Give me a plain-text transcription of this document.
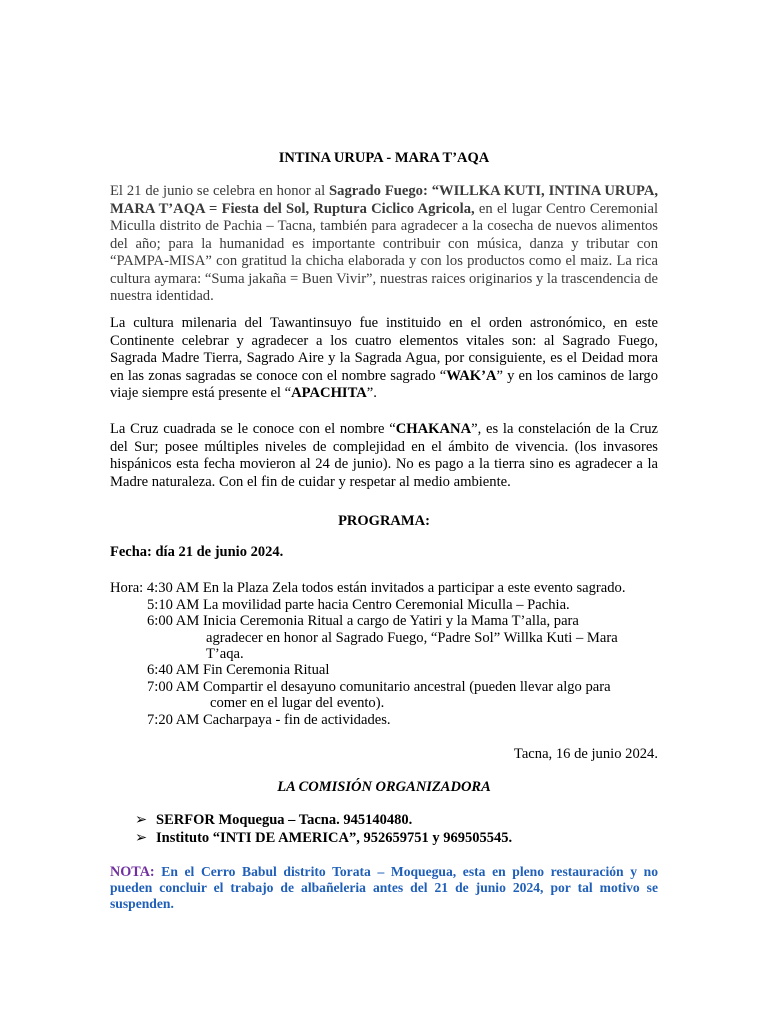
INTINA URUPA - MARA T’AQA

El 21 de junio se celebra en honor al Sagrado Fuego: “WILLKA KUTI, INTINA URUPA, MARA T’AQA = Fiesta del Sol, Ruptura Ciclico Agricola, en el lugar Centro Ceremonial Miculla distrito de Pachia – Tacna, también para agradecer a la cosecha de nuevos alimentos del año; para la humanidad es importante contribuir con música, danza y tributar con “PAMPA-MISA” con gratitud la chicha elaborada y con los productos como el maiz. La rica cultura aymara: “Suma jakaña = Buen Vivir”, nuestras raices originarios y la trascendencia de nuestra identidad.

La cultura milenaria del Tawantinsuyo fue instituido en el orden astronómico, en este Continente celebrar y agradecer a los cuatro elementos vitales son: al Sagrado Fuego, Sagrada Madre Tierra, Sagrado Aire y la Sagrada Agua, por consiguiente, es el Deidad mora en las zonas sagradas se conoce con el nombre sagrado “WAK’A” y en los caminos de largo viaje siempre está presente el “APACHITA”.

La Cruz cuadrada se le conoce con el nombre “CHAKANA”, es la constelación de la Cruz del Sur; posee múltiples niveles de complejidad en el ámbito de vivencia. (los invasores hispánicos esta fecha movieron al 24 de junio). No es pago a la tierra sino es agradecer a la Madre naturaleza. Con el fin de cuidar y respetar al medio ambiente.

PROGRAMA:
Fecha: día 21 de junio 2024.
Hora: 4:30 AM En la Plaza Zela todos están invitados a participar a este evento sagrado.
5:10 AM La movilidad parte hacia Centro Ceremonial Miculla – Pachia.
6:00 AM Inicia Ceremonia Ritual a cargo de Yatiri y la Mama T’alla, para
agradecer en honor al Sagrado Fuego, “Padre Sol” Willka Kuti – Mara
T’aqa.
6:40 AM Fin Ceremonia Ritual
7:00 AM Compartir el desayuno comunitario ancestral (pueden llevar algo para
comer en el lugar del evento).
7:20 AM Cacharpaya - fin de actividades.
Tacna, 16 de junio 2024.
LA COMISIÓN ORGANIZADORA
➢ SERFOR Moquegua – Tacna. 945140480.
➢ Instituto “INTI DE AMERICA”, 952659751 y 969505545.

NOTA: En el Cerro Babul distrito Torata – Moquegua, esta en pleno restauración y no pueden concluir el trabajo de albañeleria antes del 21 de junio 2024, por tal motivo se suspenden.
